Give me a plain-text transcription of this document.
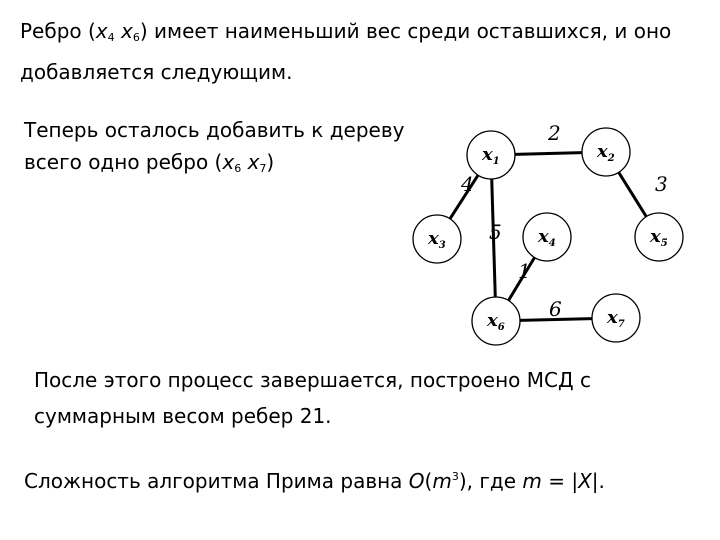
Ребро ($x_4$ $x_6$) имеет наименьший вес среди оставшихся, и оно добавляется следующим.
Теперь осталось добавить к дереву всего одно ребро ($x_6$ $x_7$)
2
4	3
5
1
6
$x_1$	$x_2$
$x_3$	$x_4$	$x_5$
$x_6$	$x_7$
После этого процесс завершается, построено МСД с суммарным весом ребер 21.
Сложность алгоритма Прима равна $O(m^3)$, где m = |X|.
